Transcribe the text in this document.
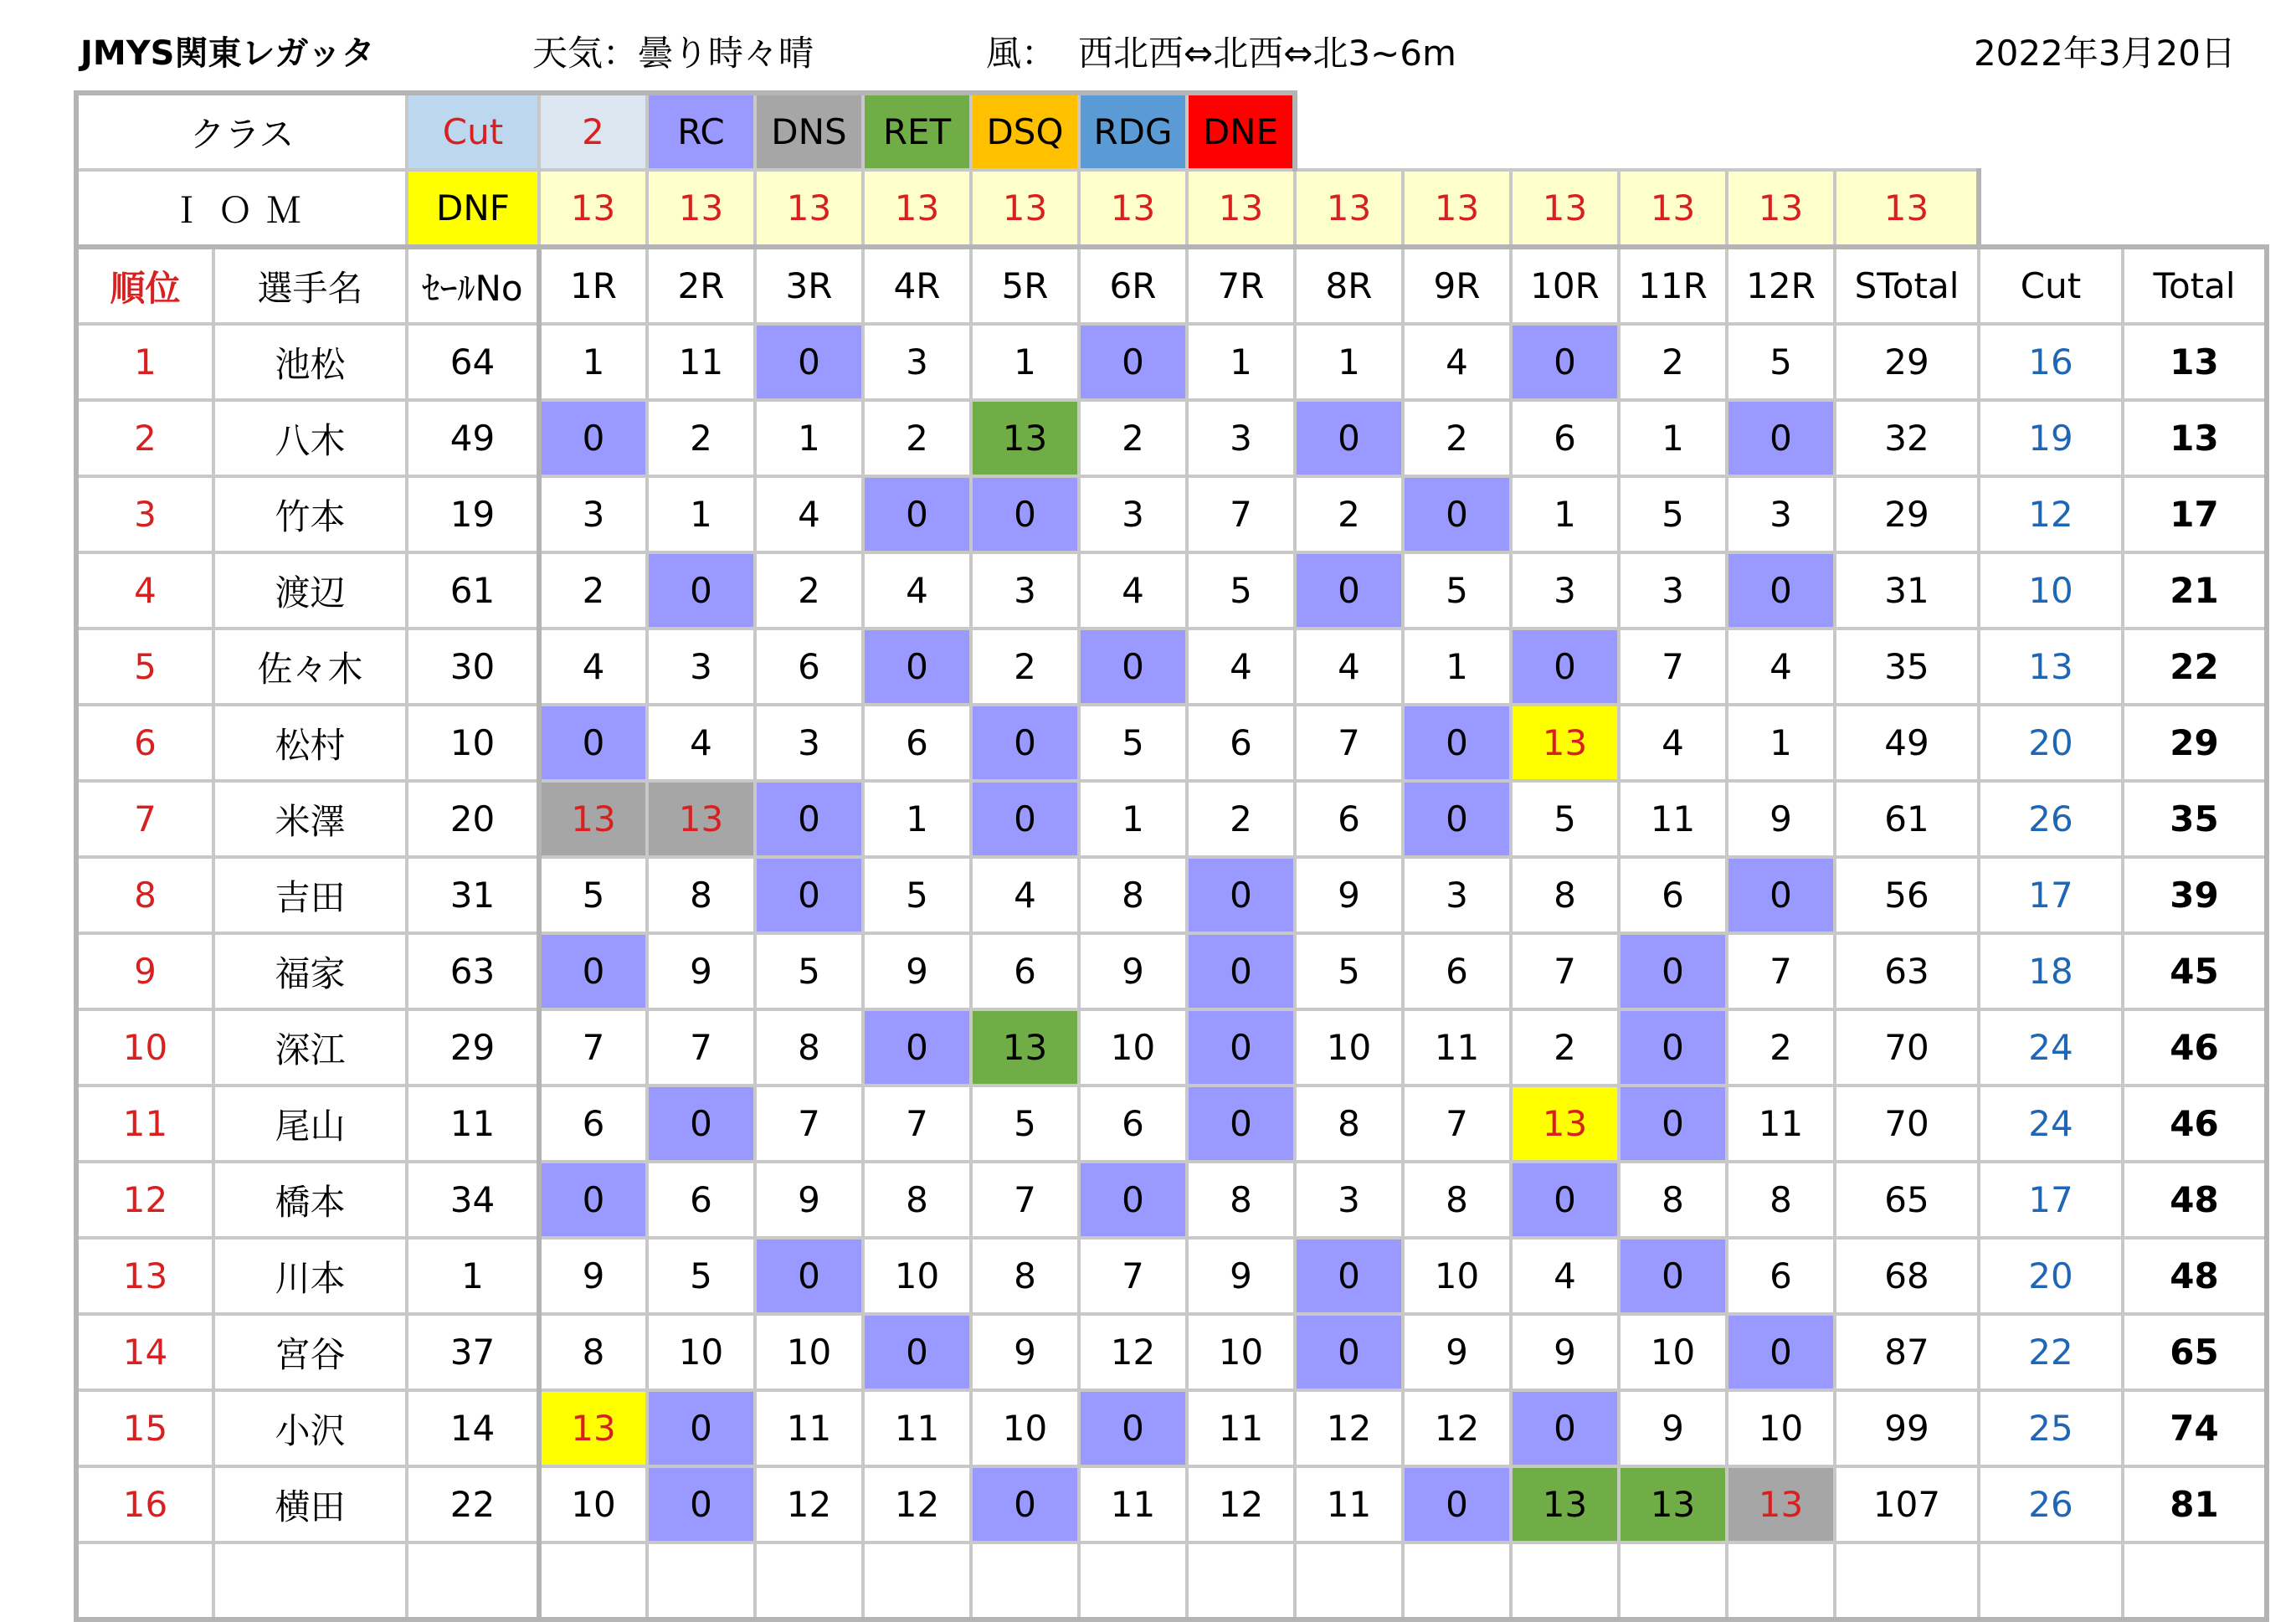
JMYS関東レガッタ	天気：曇り時々晴	風： 西北西⇔北西⇔北3~6m	2022年3月20日
クラス		Cut	2	RC	DNS	RET	DSQ	RDG	DNE									
ＩＯＭ		DNF	13	13	13	13	13	13	13	13	13	13	13	13	13			
順位	選手名	ｾｰﾙNo	1R	2R	3R	4R	5R	6R	7R	8R	9R	10R	11R	12R	STotal	Cut	Total	
1	池松	64	1	11	0	3	1	0	1	1	4	0	2	5	29	16	13	
2	八木	49	0	2	1	2	13	2	3	0	2	6	1	0	32	19	13	
3	竹本	19	3	1	4	0	0	3	7	2	0	1	5	3	29	12	17	
4	渡辺	61	2	0	2	4	3	4	5	0	5	3	3	0	31	10	21	
5	佐々木	30	4	3	6	0	2	0	4	4	1	0	7	4	35	13	22	
6	松村	10	0	4	3	6	0	5	6	7	0	13	4	1	49	20	29	
7	米澤	20	13	13	0	1	0	1	2	6	0	5	11	9	61	26	35	
8	吉田	31	5	8	0	5	4	8	0	9	3	8	6	0	56	17	39	
9	福家	63	0	9	5	9	6	9	0	5	6	7	0	7	63	18	45	
10	深江	29	7	7	8	0	13	10	0	10	11	2	0	2	70	24	46	
11	尾山	11	6	0	7	7	5	6	0	8	7	13	0	11	70	24	46	
12	橋本	34	0	6	9	8	7	0	8	3	8	0	8	8	65	17	48	
13	川本	1	9	5	0	10	8	7	9	0	10	4	0	6	68	20	48	
14	宮谷	37	8	10	10	0	9	12	10	0	9	9	10	0	87	22	65	
15	小沢	14	13	0	11	11	10	0	11	12	12	0	9	10	99	25	74	
16	横田	22	10	0	12	12	0	11	12	11	0	13	13	13	107	26	81	
